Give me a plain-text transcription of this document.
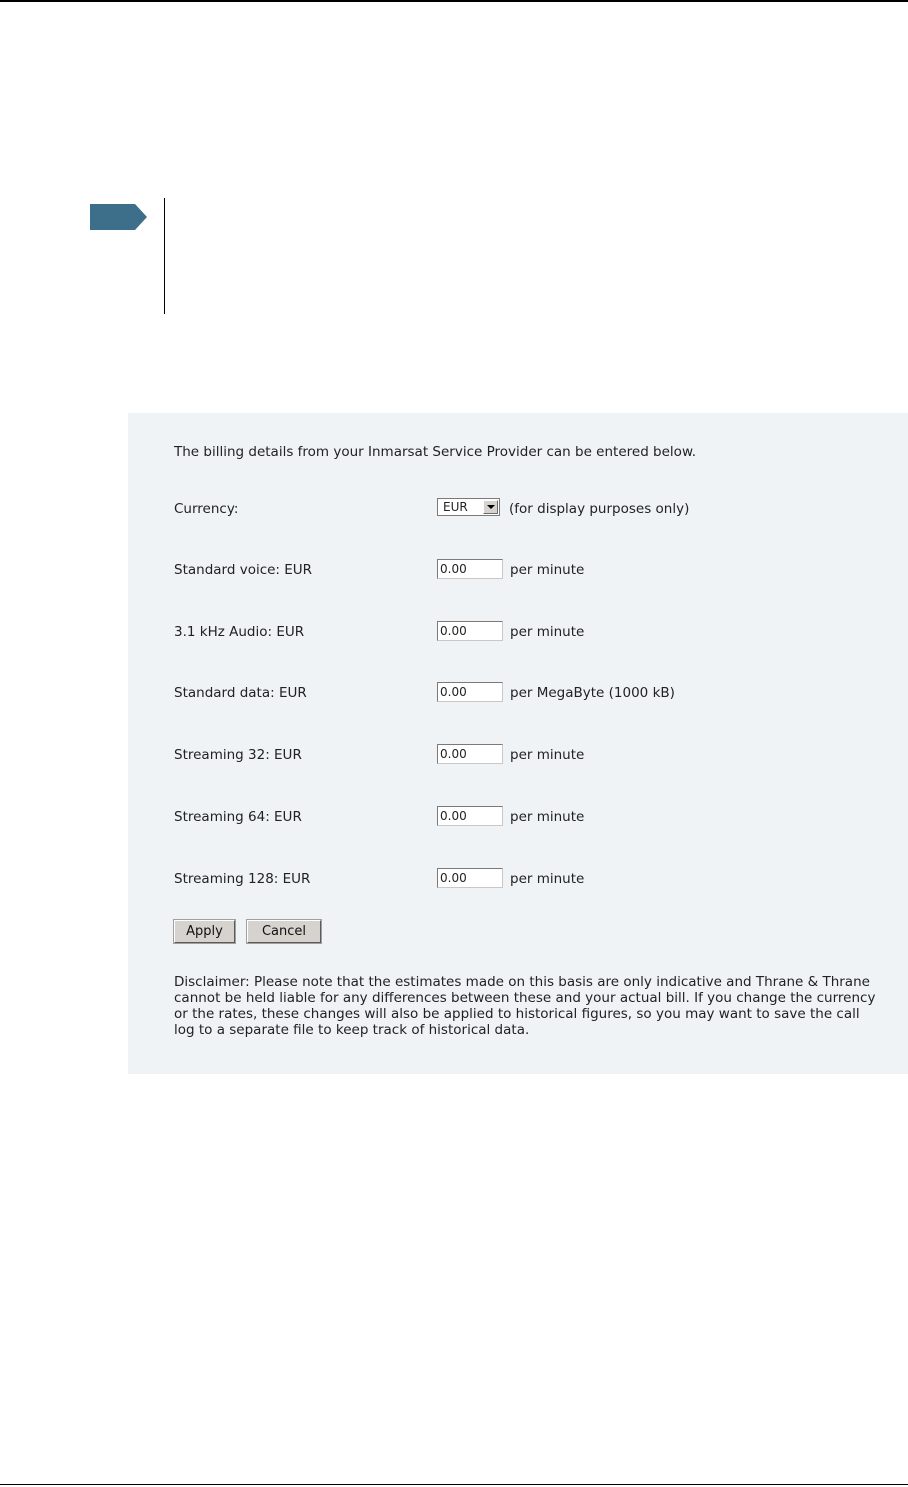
The billing details from your Inmarsat Service Provider can be entered below.
Currency:	EUR	(for display purposes only)
Standard voice: EUR
0.00	per minute
3.1 kHz Audio: EUR
0.00	per minute
Standard data: EUR
0.00	per MegaByte (1000 kB)
Streaming 32: EUR
0.00	per minute
Streaming 64: EUR
0.00	per minute
Streaming 128: EUR
0.00	per minute
Apply	Cancel
Disclaimer: Please note that the estimates made on this basis are only indicative and Thrane & Thrane cannot be held liable for any differences between these and your actual bill. If you change the currency or the rates, these changes will also be applied to historical figures, so you may want to save the call log to a separate file to keep track of historical data.
